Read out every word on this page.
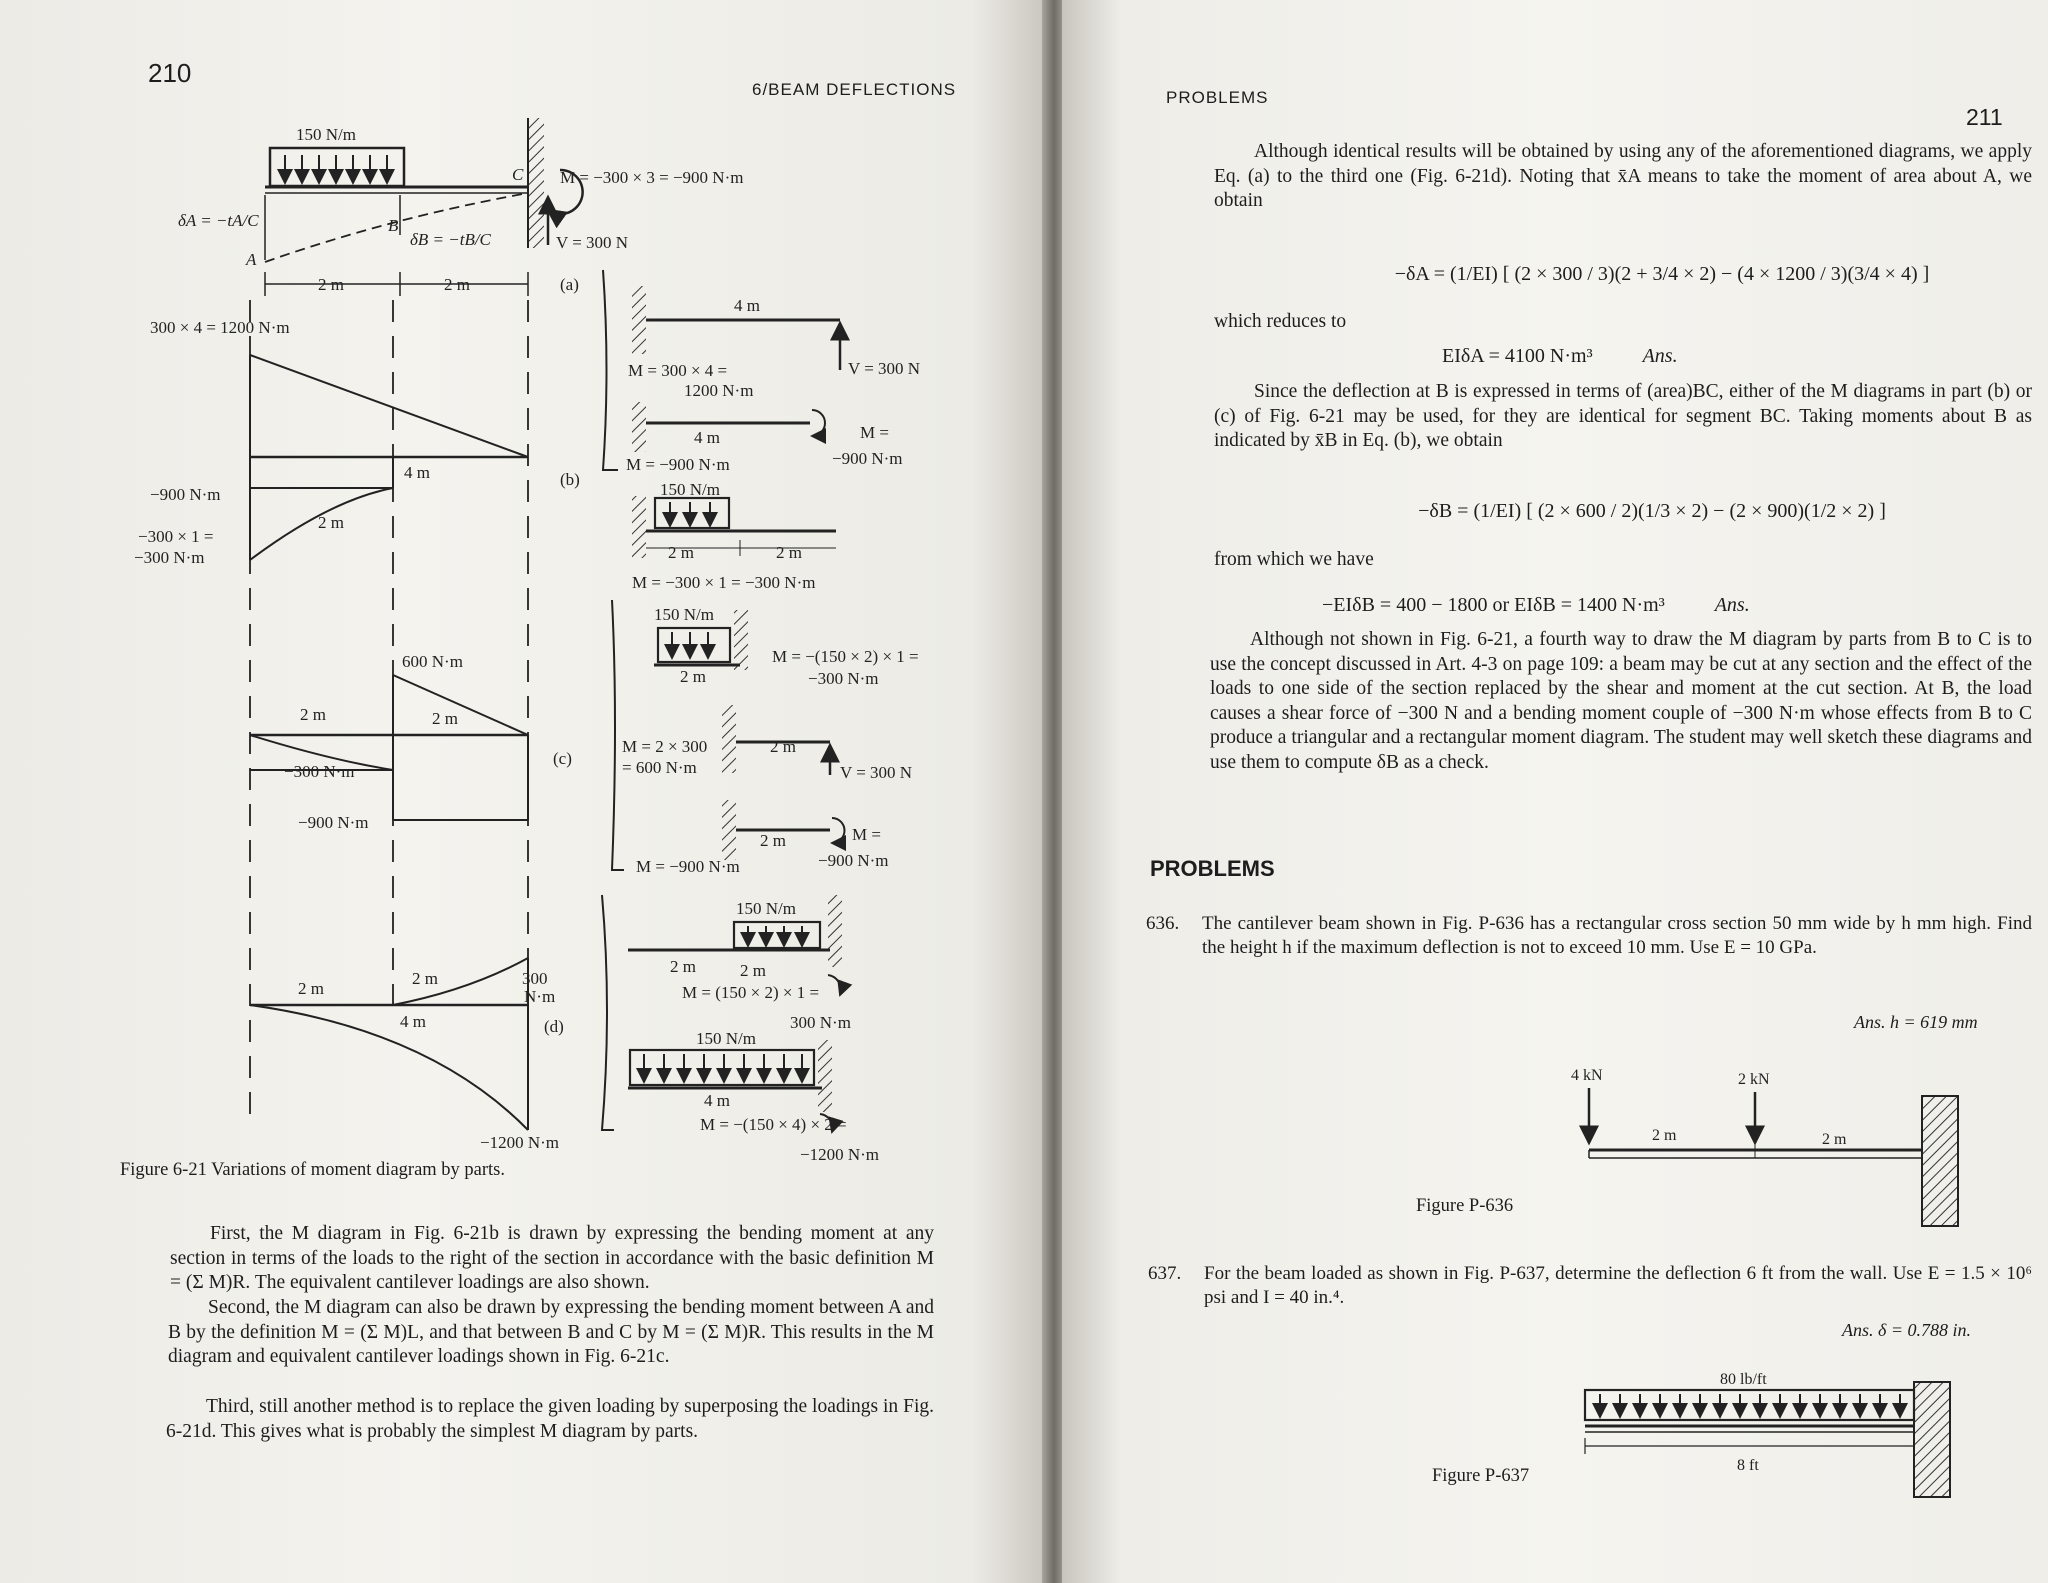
210
6/BEAM DEFLECTIONS
150 N/m
M = −300 × 3 = −900 N·m
δA = −tA/C
δB = −tB/C	V = 300 N
A
B
C
2 m	2 m	(a)
300 × 4 = 1200 N·m
−900 N·m
−300 × 1 =
−300 N·m
4 m
2 m
(b)
4 m
M = 300 × 4 =
1200 N·m
V = 300 N
4 m
M = −900 N·m
M =
−900 N·m
150 N/m
2 m	2 m
M = −300 × 1 = −300 N·m
600 N·m
2 m	2 m
−300 N·m
−900 N·m
(c)
150 N/m
2 m
M = −(150 × 2) × 1 =
−300 N·m
M = 2 × 300
= 600 N·m
2 m
V = 300 N
2 m
M = −900 N·m
M =
−900 N·m
2 m
2 m
4 m
300
N·m
−1200 N·m
(d)
150 N/m
2 m	2 m
M = (150 × 2) × 1 =
300 N·m
150 N/m
4 m
M = −(150 × 4) × 2 =
−1200 N·m
Figure 6-21 Variations of moment diagram by parts.

First, the M diagram in Fig. 6-21b is drawn by expressing the bending moment at any section in terms of the loads to the right of the section in accordance with the basic definition M = (Σ M)R. The equivalent cantilever loadings are also shown.

Second, the M diagram can also be drawn by expressing the bending moment between A and B by the definition M = (Σ M)L, and that between B and C by M = (Σ M)R. This results in the M diagram and equivalent cantilever loadings shown in Fig. 6-21c.

Third, still another method is to replace the given loading by superposing the loadings in Fig. 6-21d. This gives what is probably the simplest M diagram by parts.

PROBLEMS
211

Although identical results will be obtained by using any of the aforementioned diagrams, we apply Eq. (a) to the third one (Fig. 6-21d). Noting that x̄A means to take the moment of area about A, we obtain

−δA = (1/EI) [ (2 × 300 / 3)(2 + 3/4 × 2) − (4 × 1200 / 3)(3/4 × 4) ]
which reduces to
EIδA = 4100 N·m³	Ans.

Since the deflection at B is expressed in terms of (area)BC, either of the M diagrams in part (b) or (c) of Fig. 6-21 may be used, for they are identical for segment BC. Taking moments about B as indicated by x̄B in Eq. (b), we obtain

−δB = (1/EI) [ (2 × 600 / 2)(1/3 × 2) − (2 × 900)(1/2 × 2) ]
from which we have
−EIδB = 400 − 1800 or EIδB = 1400 N·m³	Ans.

Although not shown in Fig. 6-21, a fourth way to draw the M diagram by parts from B to C is to use the concept discussed in Art. 4-3 on page 109: a beam may be cut at any section and the effect of the loads to one side of the section replaced by the shear and moment at the cut section. At B, the load causes a shear force of −300 N and a bending moment couple of −300 N·m whose effects from B to C produce a triangular and a rectangular moment diagram. The student may well sketch these diagrams and use them to compute δB as a check.

PROBLEMS
636. The cantilever beam shown in Fig. P-636 has a rectangular cross section 50 mm wide by h mm high. Find the height h if the maximum deflection is not to exceed 10 mm. Use E = 10 GPa.
Ans. h = 619 mm
4 kN	2 kN
2 m	2 m
80 lb/ft
8 ft
Figure P-636
637. For the beam loaded as shown in Fig. P-637, determine the deflection 6 ft from the wall. Use E = 1.5 × 10⁶ psi and I = 40 in.⁴.
Ans. δ = 0.788 in.
Figure P-637
